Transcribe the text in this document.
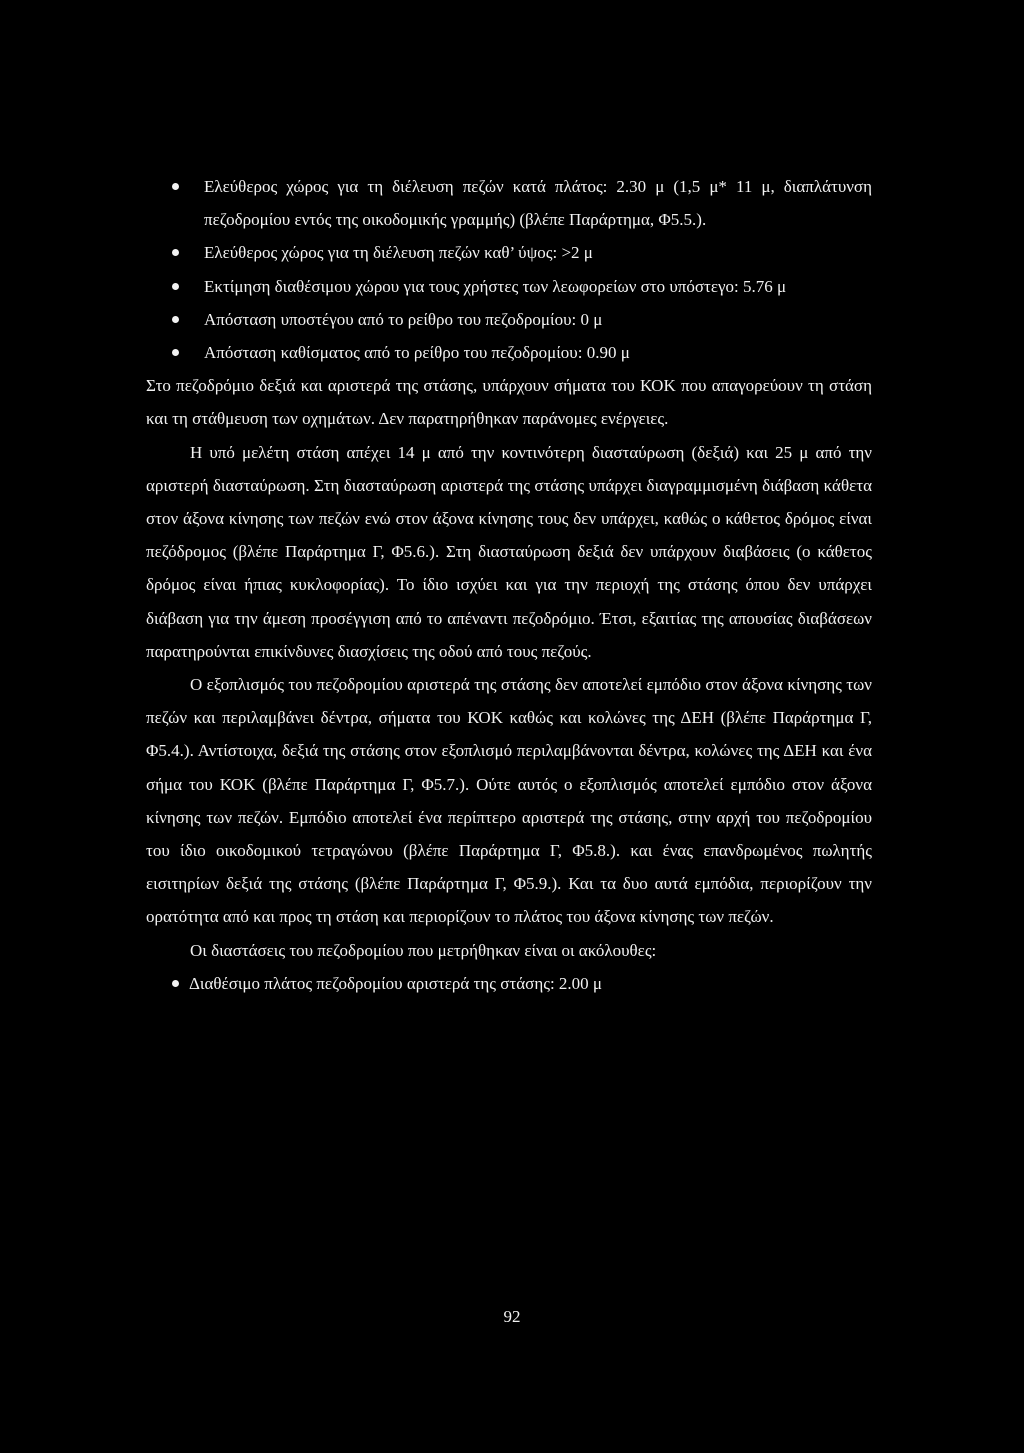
Ελεύθερος χώρος για τη διέλευση πεζών κατά πλάτος: 2.30 μ (1,5 μ* 11 μ, διαπλάτυνση πεζοδρομίου εντός της οικοδομικής γραμμής) (βλέπε Παράρτημα, Φ5.5.).
Ελεύθερος χώρος για τη διέλευση πεζών καθ’ ύψος: >2 μ
Εκτίμηση διαθέσιμου χώρου για τους χρήστες των λεωφορείων στο υπόστεγο: 5.76 μ
Απόσταση υποστέγου από το ρείθρο του πεζοδρομίου: 0 μ
Απόσταση καθίσματος από το ρείθρο του πεζοδρομίου: 0.90 μ

Στο πεζοδρόμιο δεξιά και αριστερά της στάσης, υπάρχουν σήματα του ΚΟΚ που απαγορεύουν τη στάση και τη στάθμευση των οχημάτων. Δεν παρατηρήθηκαν παράνομες ενέργειες.

Η υπό μελέτη στάση απέχει 14 μ από την κοντινότερη διασταύρωση (δεξιά) και 25 μ από την αριστερή διασταύρωση. Στη διασταύρωση αριστερά της στάσης υπάρχει διαγραμμισμένη διάβαση κάθετα στον άξονα κίνησης των πεζών ενώ στον άξονα κίνησης τους δεν υπάρχει, καθώς ο κάθετος δρόμος είναι πεζόδρομος (βλέπε Παράρτημα Γ, Φ5.6.). Στη διασταύρωση δεξιά δεν υπάρχουν διαβάσεις (ο κάθετος δρόμος είναι ήπιας κυκλοφορίας). Το ίδιο ισχύει και για την περιοχή της στάσης όπου δεν υπάρχει διάβαση για την άμεση προσέγγιση από το απέναντι πεζοδρόμιο. Έτσι, εξαιτίας της απουσίας διαβάσεων παρατηρούνται επικίνδυνες διασχίσεις της οδού από τους πεζούς.

Ο εξοπλισμός του πεζοδρομίου αριστερά της στάσης δεν αποτελεί εμπόδιο στον άξονα κίνησης των πεζών και περιλαμβάνει δέντρα, σήματα του ΚΟΚ καθώς και κολώνες της ΔΕΗ (βλέπε Παράρτημα Γ, Φ5.4.). Αντίστοιχα, δεξιά της στάσης στον εξοπλισμό περιλαμβάνονται δέντρα, κολώνες της ΔΕΗ και ένα σήμα του ΚΟΚ (βλέπε Παράρτημα Γ, Φ5.7.). Ούτε αυτός ο εξοπλισμός αποτελεί εμπόδιο στον άξονα κίνησης των πεζών. Εμπόδιο αποτελεί ένα περίπτερο αριστερά της στάσης, στην αρχή του πεζοδρομίου του ίδιο οικοδομικού τετραγώνου (βλέπε Παράρτημα Γ, Φ5.8.). και ένας επανδρωμένος πωλητής εισιτηρίων δεξιά της στάσης (βλέπε Παράρτημα Γ, Φ5.9.). Και τα δυο αυτά εμπόδια, περιορίζουν την ορατότητα από και προς τη στάση και περιορίζουν το πλάτος του άξονα κίνησης των πεζών.

Οι διαστάσεις του πεζοδρομίου που μετρήθηκαν είναι οι ακόλουθες:

Διαθέσιμο πλάτος πεζοδρομίου αριστερά της στάσης: 2.00 μ
92
